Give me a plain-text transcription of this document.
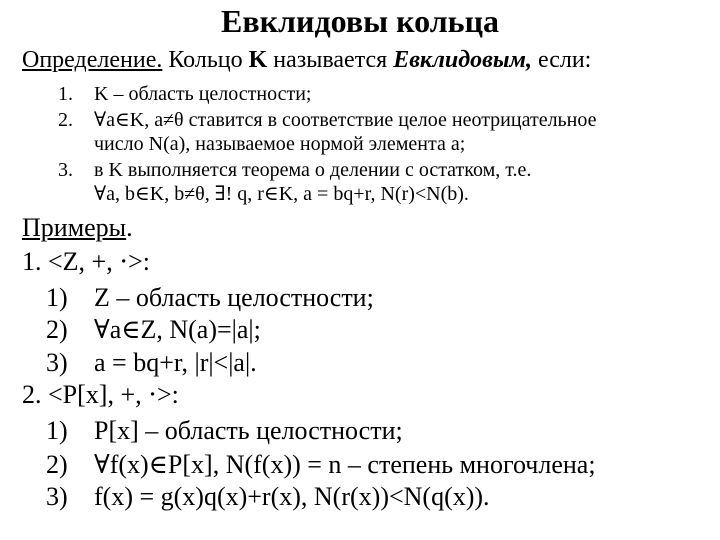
Евклидовы кольца
Определение. Кольцо K называется Евклидовым, если:
1. K – область целостности;
2. ∀a∈K, a≠θ ставится в соответствие целое неотрицательное
число N(a), называемое нормой элемента a;
3. в K выполняется теорема о делении с остатком, т.е.
∀a, b∈K, b≠θ, ∃! q, r∈K, a = bq+r, N(r)<N(b).
Примеры.
1. <Z, +, ⋅>:
1) Z – область целостности;
2) ∀a∈Z, N(a)=|a|;
3) a = bq+r, |r|<|a|.
2. <P[x], +, ⋅>:
1) P[x] – область целостности;
2) ∀f(x)∈P[x], N(f(x)) = n – степень многочлена;
3) f(x) = g(x)q(x)+r(x), N(r(x))<N(q(x)).
